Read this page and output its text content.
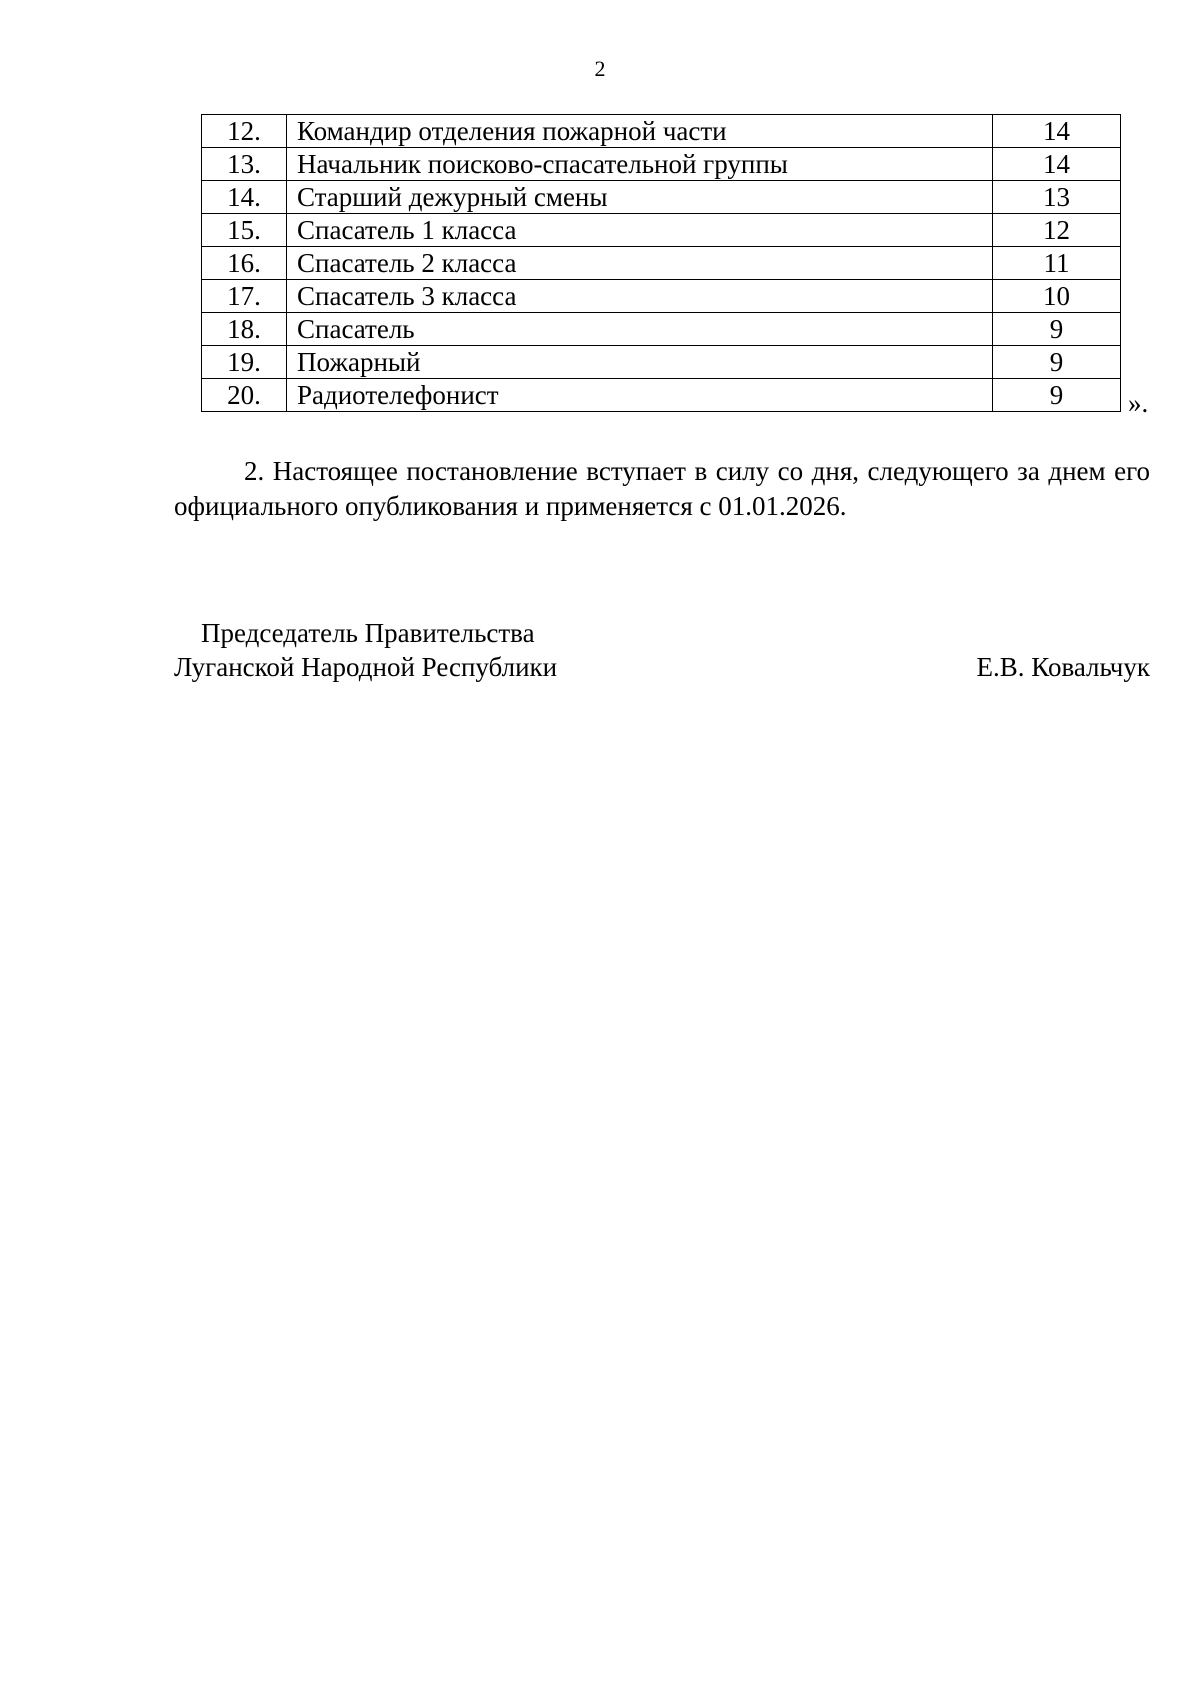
2
12.	Командир отделения пожарной части	14
13.	Начальник поисково-спасательной группы	14
14.	Старший дежурный смены	13
15.	Спасатель 1 класса	12
16.	Спасатель 2 класса	11
17.	Спасатель 3 класса	10
18.	Спасатель	9
19.	Пожарный	9
20.	Радиотелефонист	9 ».

2. Настоящее постановление вступает в силу со дня, следующего за днем его официального опубликования и применяется с 01.01.2026.

Председатель Правительства
Луганской Народной Республики	Е.В. Ковальчук
